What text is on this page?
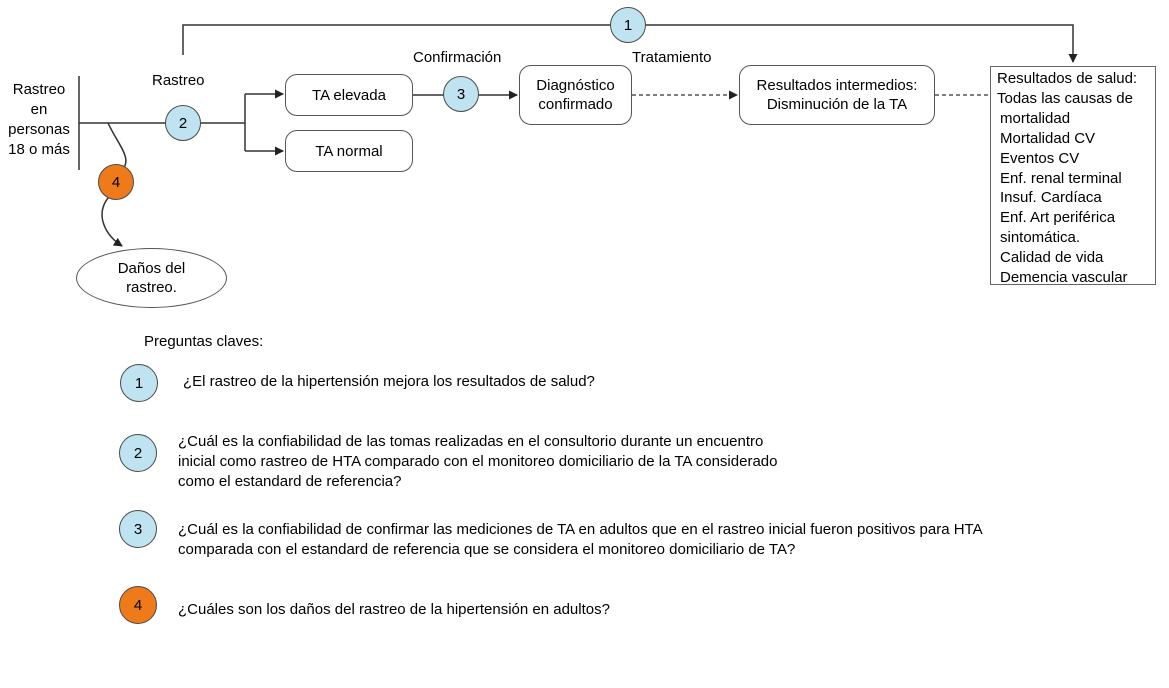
Rastreo
en
personas
18 o más
Rastreo
Confirmación	Tratamiento
TA elevada
TA normal
Diagnóstico
confirmado
Resultados intermedios:
Disminución de la TA
Daños del
rastreo.
Resultados de salud:
Todas las causas de
mortalidad
Mortalidad CV
Eventos CV
Enf. renal terminal
Insuf. Cardíaca
Enf. Art periférica
sintomática.
Calidad de vida
Demencia vascular
1
2
3
4
Preguntas claves:
1	¿El rastreo de la hipertensión mejora los resultados de salud?
2
¿Cuál es la confiabilidad de las tomas realizadas en el consultorio durante un encuentro
inicial como rastreo de HTA comparado con el monitoreo domiciliario de la TA considerado
como el estandard de referencia?
3	¿Cuál es la confiabilidad de confirmar las mediciones de TA en adultos que en el rastreo inicial fueron positivos para HTA
comparada con el estandard de referencia que se considera el monitoreo domiciliario de TA?
4	¿Cuáles son los daños del rastreo de la hipertensión en adultos?
